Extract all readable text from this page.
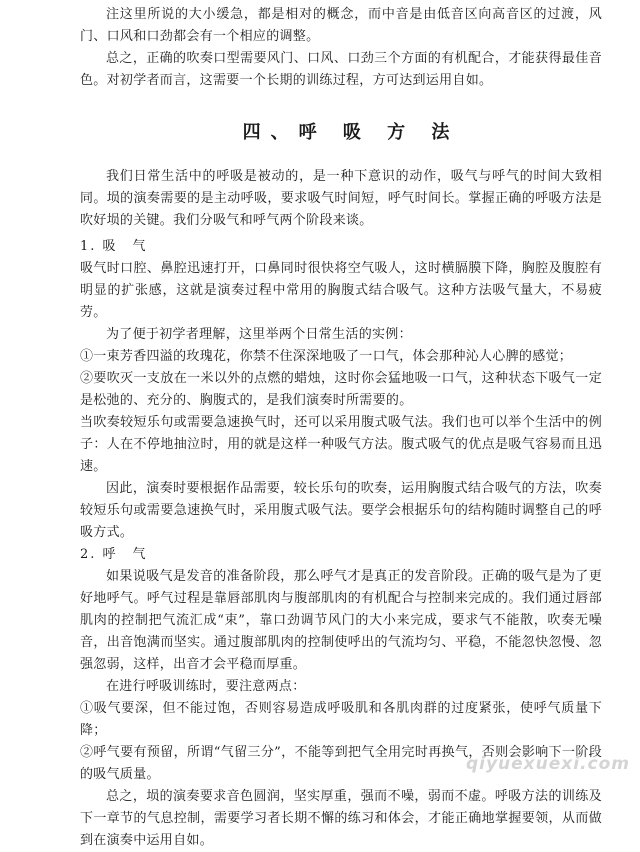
注这里所说的大小缓急，都是相对的概念，而中音是由低音区向高音区的过渡，风门、口风和口劲都会有一个相应的调整。

总之，正确的吹奏口型需要风门、口风、口劲三个方面的有机配合，才能获得最佳音色。对初学者而言，这需要一个长期的训练过程，方可达到运用自如。

四、呼 吸 方 法

我们日常生活中的呼吸是被动的，是一种下意识的动作，吸气与呼气的时间大致相同。埙的演奏需要的是主动呼吸，要求吸气时间短，呼气时间长。掌握正确的呼吸方法是吹好埙的关键。我们分吸气和呼气两个阶段来谈。

1. 吸　气

吸气时口腔、鼻腔迅速打开，口鼻同时很快将空气吸人，这时横膈膜下降，胸腔及腹腔有明显的扩张感，这就是演奏过程中常用的胸腹式结合吸气。这种方法吸气量大，不易疲劳。

为了便于初学者理解，这里举两个日常生活的实例：

①一束芳香四溢的玫瑰花，你禁不住深深地吸了一口气，体会那种沁人心脾的感觉；

②要吹灭一支放在一米以外的点燃的蜡烛，这时你会猛地吸一口气，这种状态下吸气一定是松弛的、充分的、胸腹式的，是我们演奏时所需要的。

当吹奏较短乐句或需要急速换气时，还可以采用腹式吸气法。我们也可以举个生活中的例子：人在不停地抽泣时，用的就是这样一种吸气方法。腹式吸气的优点是吸气容易而且迅速。

因此，演奏时要根据作品需要，较长乐句的吹奏，运用胸腹式结合吸气的方法，吹奏较短乐句或需要急速换气时，采用腹式吸气法。要学会根据乐句的结构随时调整自己的呼吸方式。

2. 呼　气

如果说吸气是发音的准备阶段，那么呼气才是真正的发音阶段。正确的吸气是为了更好地呼气。呼气过程是靠唇部肌肉与腹部肌肉的有机配合与控制来完成的。我们通过唇部肌肉的控制把气流汇成“束”，靠口劲调节风门的大小来完成，要求气不能散，吹奏无噪音，出音饱满而坚实。通过腹部肌肉的控制使呼出的气流均匀、平稳，不能忽快忽慢、忽强忽弱，这样，出音才会平稳而厚重。

在进行呼吸训练时，要注意两点：

①吸气要深，但不能过饱，否则容易造成呼吸肌和各肌肉群的过度紧张，使呼气质量下降；

②呼气要有预留，所谓“气留三分”，不能等到把气全用完时再换气，否则会影响下一阶段的吸气质量。

总之，埙的演奏要求音色圆润，坚实厚重，强而不噪，弱而不虚。呼吸方法的训练及下一章节的气息控制，需要学习者长期不懈的练习和体会，才能正确地掌握要领，从而做到在演奏中运用自如。

qiyuexuexi.com
